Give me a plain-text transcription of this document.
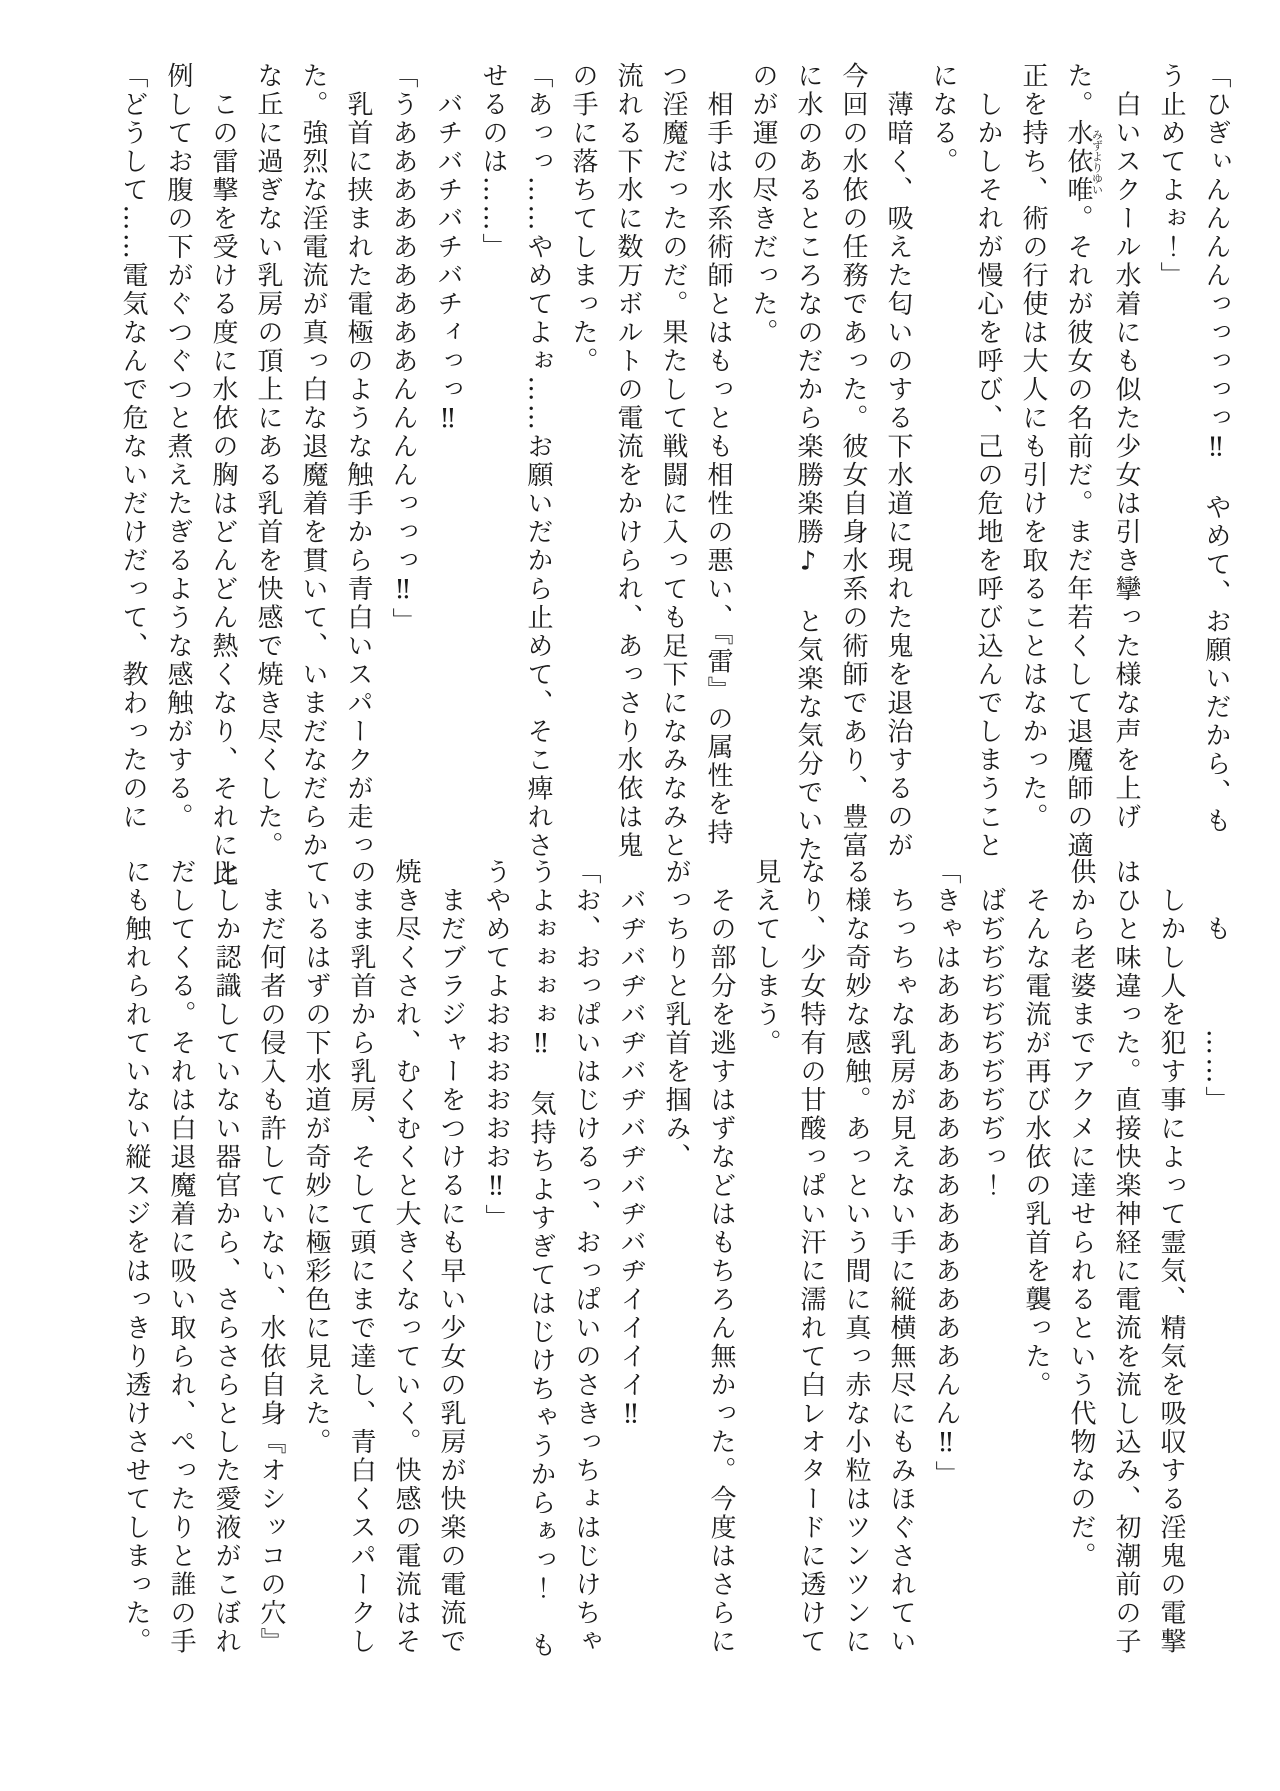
「ひぎぃんんんんっっっっっ‼　やめて、お願いだから、も

う止めてよぉ！」

　白いスクール水着にも似た少女は引き攣った様な声を上げ

た。水依唯みずよりゆい。それが彼女の名前だ。まだ年若くして退魔師の適

正を持ち、術の行使は大人にも引けを取ることはなかった。

　しかしそれが慢心を呼び、己の危地を呼び込んでしまうこと

になる。

　薄暗く、吸えた匂いのする下水道に現れた鬼を退治するのが

今回の水依の任務であった。彼女自身水系の術師であり、豊富

に水のあるところなのだから楽勝楽勝♪　と気楽な気分でいた

のが運の尽きだった。

　相手は水系術師とはもっとも相性の悪い、『雷』の属性を持

つ淫魔だったのだ。果たして戦闘に入っても足下になみなみと

流れる下水に数万ボルトの電流をかけられ、あっさり水依は鬼

の手に落ちてしまった。

「あっっ……やめてよぉ……お願いだから止めて、そこ痺れさ

せるのは……」

　バチバチバチバチィっっ‼

「うあああああああああんんんんっっっ‼」

　乳首に挟まれた電極のような触手から青白いスパークが走っ

た。強烈な淫電流が真っ白な退魔着を貫いて、いまだなだらか

な丘に過ぎない乳房の頂上にある乳首を快感で焼き尽くした。

　この雷撃を受ける度に水依の胸はどんどん熱くなり、それに比

例してお腹の下がぐつぐつと煮えたぎるような感触がする。

「どうして……電気なんで危ないだけだって、教わったのに

　　も　　　……」

　しかし人を犯す事によって霊気、精気を吸収する淫鬼の電撃

はひと味違った。直接快楽神経に電流を流し込み、初潮前の子

供から老婆までアクメに達せられるという代物なのだ。

　そんな電流が再び水依の乳首を襲った。

　ばぢぢぢぢぢぢぢぢっ！

「きゃはああああああああああああああんん‼」

　ちっちゃな乳房が見えない手に縦横無尽にもみほぐされてい

る様な奇妙な感触。あっという間に真っ赤な小粒はツンツンに

なり、少女特有の甘酸っぱい汗に濡れて白レオタードに透けて

見えてしまう。

　その部分を逃すはずなどはもちろん無かった。今度はさらに

がっちりと乳首を掴み、

　バヂバヂバヂバヂバヂバヂバヂイイイイ‼

「お、おっぱいはじけるっ、おっぱいのさきっちょはじけちゃ

うよぉぉぉぉ‼　気持ちよすぎてはじけちゃうからぁっ！　も

うやめてよおおおおおお‼」

　まだブラジャーをつけるにも早い少女の乳房が快楽の電流で

焼き尽くされ、むくむくと大きくなっていく。快感の電流はそ

のまま乳首から乳房、そして頭にまで達し、青白くスパークし

ているはずの下水道が奇妙に極彩色に見えた。

　まだ何者の侵入も許していない、水依自身『オシッコの穴』

としか認識していない器官から、さらさらとした愛液がこぼれ

だしてくる。それは白退魔着に吸い取られ、ぺったりと誰の手

にも触れられていない縦スジをはっきり透けさせてしまった。
